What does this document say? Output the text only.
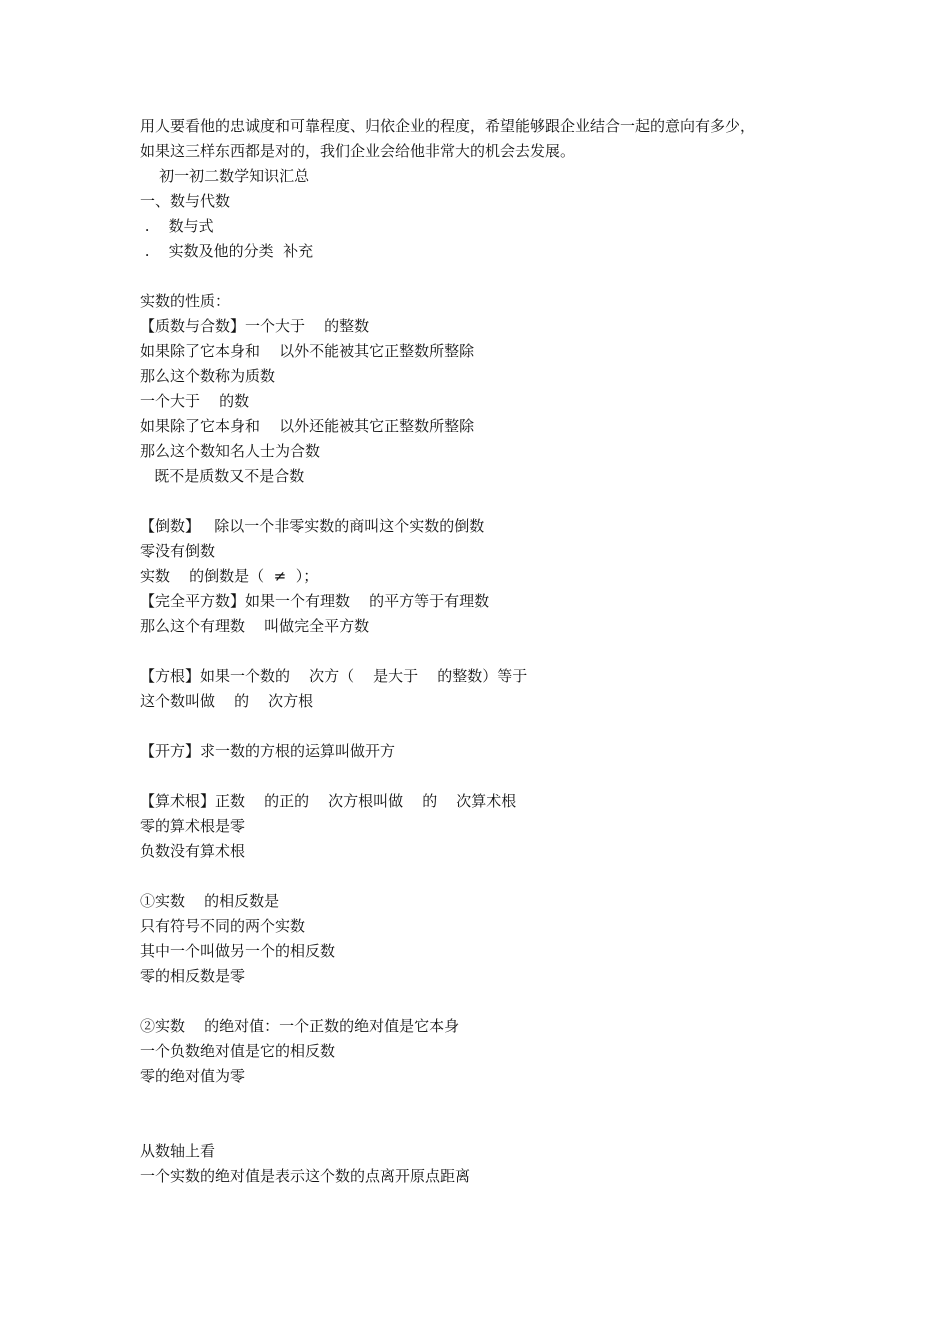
用人要看他的忠诚度和可靠程度、归依企业的程度，希望能够跟企业结合一起的意向有多少，
如果这三样东西都是对的，我们企业会给他非常大的机会去发展。
初一初二数学知识汇总
一、数与代数
.    数与式
.    实数及他的分类  补充
实数的性质：
【质数与合数】一个大于    的整数
如果除了它本身和    以外不能被其它正整数所整除
那么这个数称为质数
一个大于    的数
如果除了它本身和    以外还能被其它正整数所整除
那么这个数知名人士为合数
既不是质数又不是合数
【倒数】   除以一个非零实数的商叫这个实数的倒数
零没有倒数
实数    的倒数是（  ≠  ）；
【完全平方数】如果一个有理数    的平方等于有理数
那么这个有理数    叫做完全平方数
【方根】如果一个数的    次方（    是大于    的整数）等于
这个数叫做    的    次方根
【开方】求一数的方根的运算叫做开方
【算术根】正数    的正的    次方根叫做    的    次算术根
零的算术根是零
负数没有算术根
①实数    的相反数是
只有符号不同的两个实数
其中一个叫做另一个的相反数
零的相反数是零
②实数    的绝对值：一个正数的绝对值是它本身
一个负数绝对值是它的相反数
零的绝对值为零
从数轴上看
一个实数的绝对值是表示这个数的点离开原点距离
